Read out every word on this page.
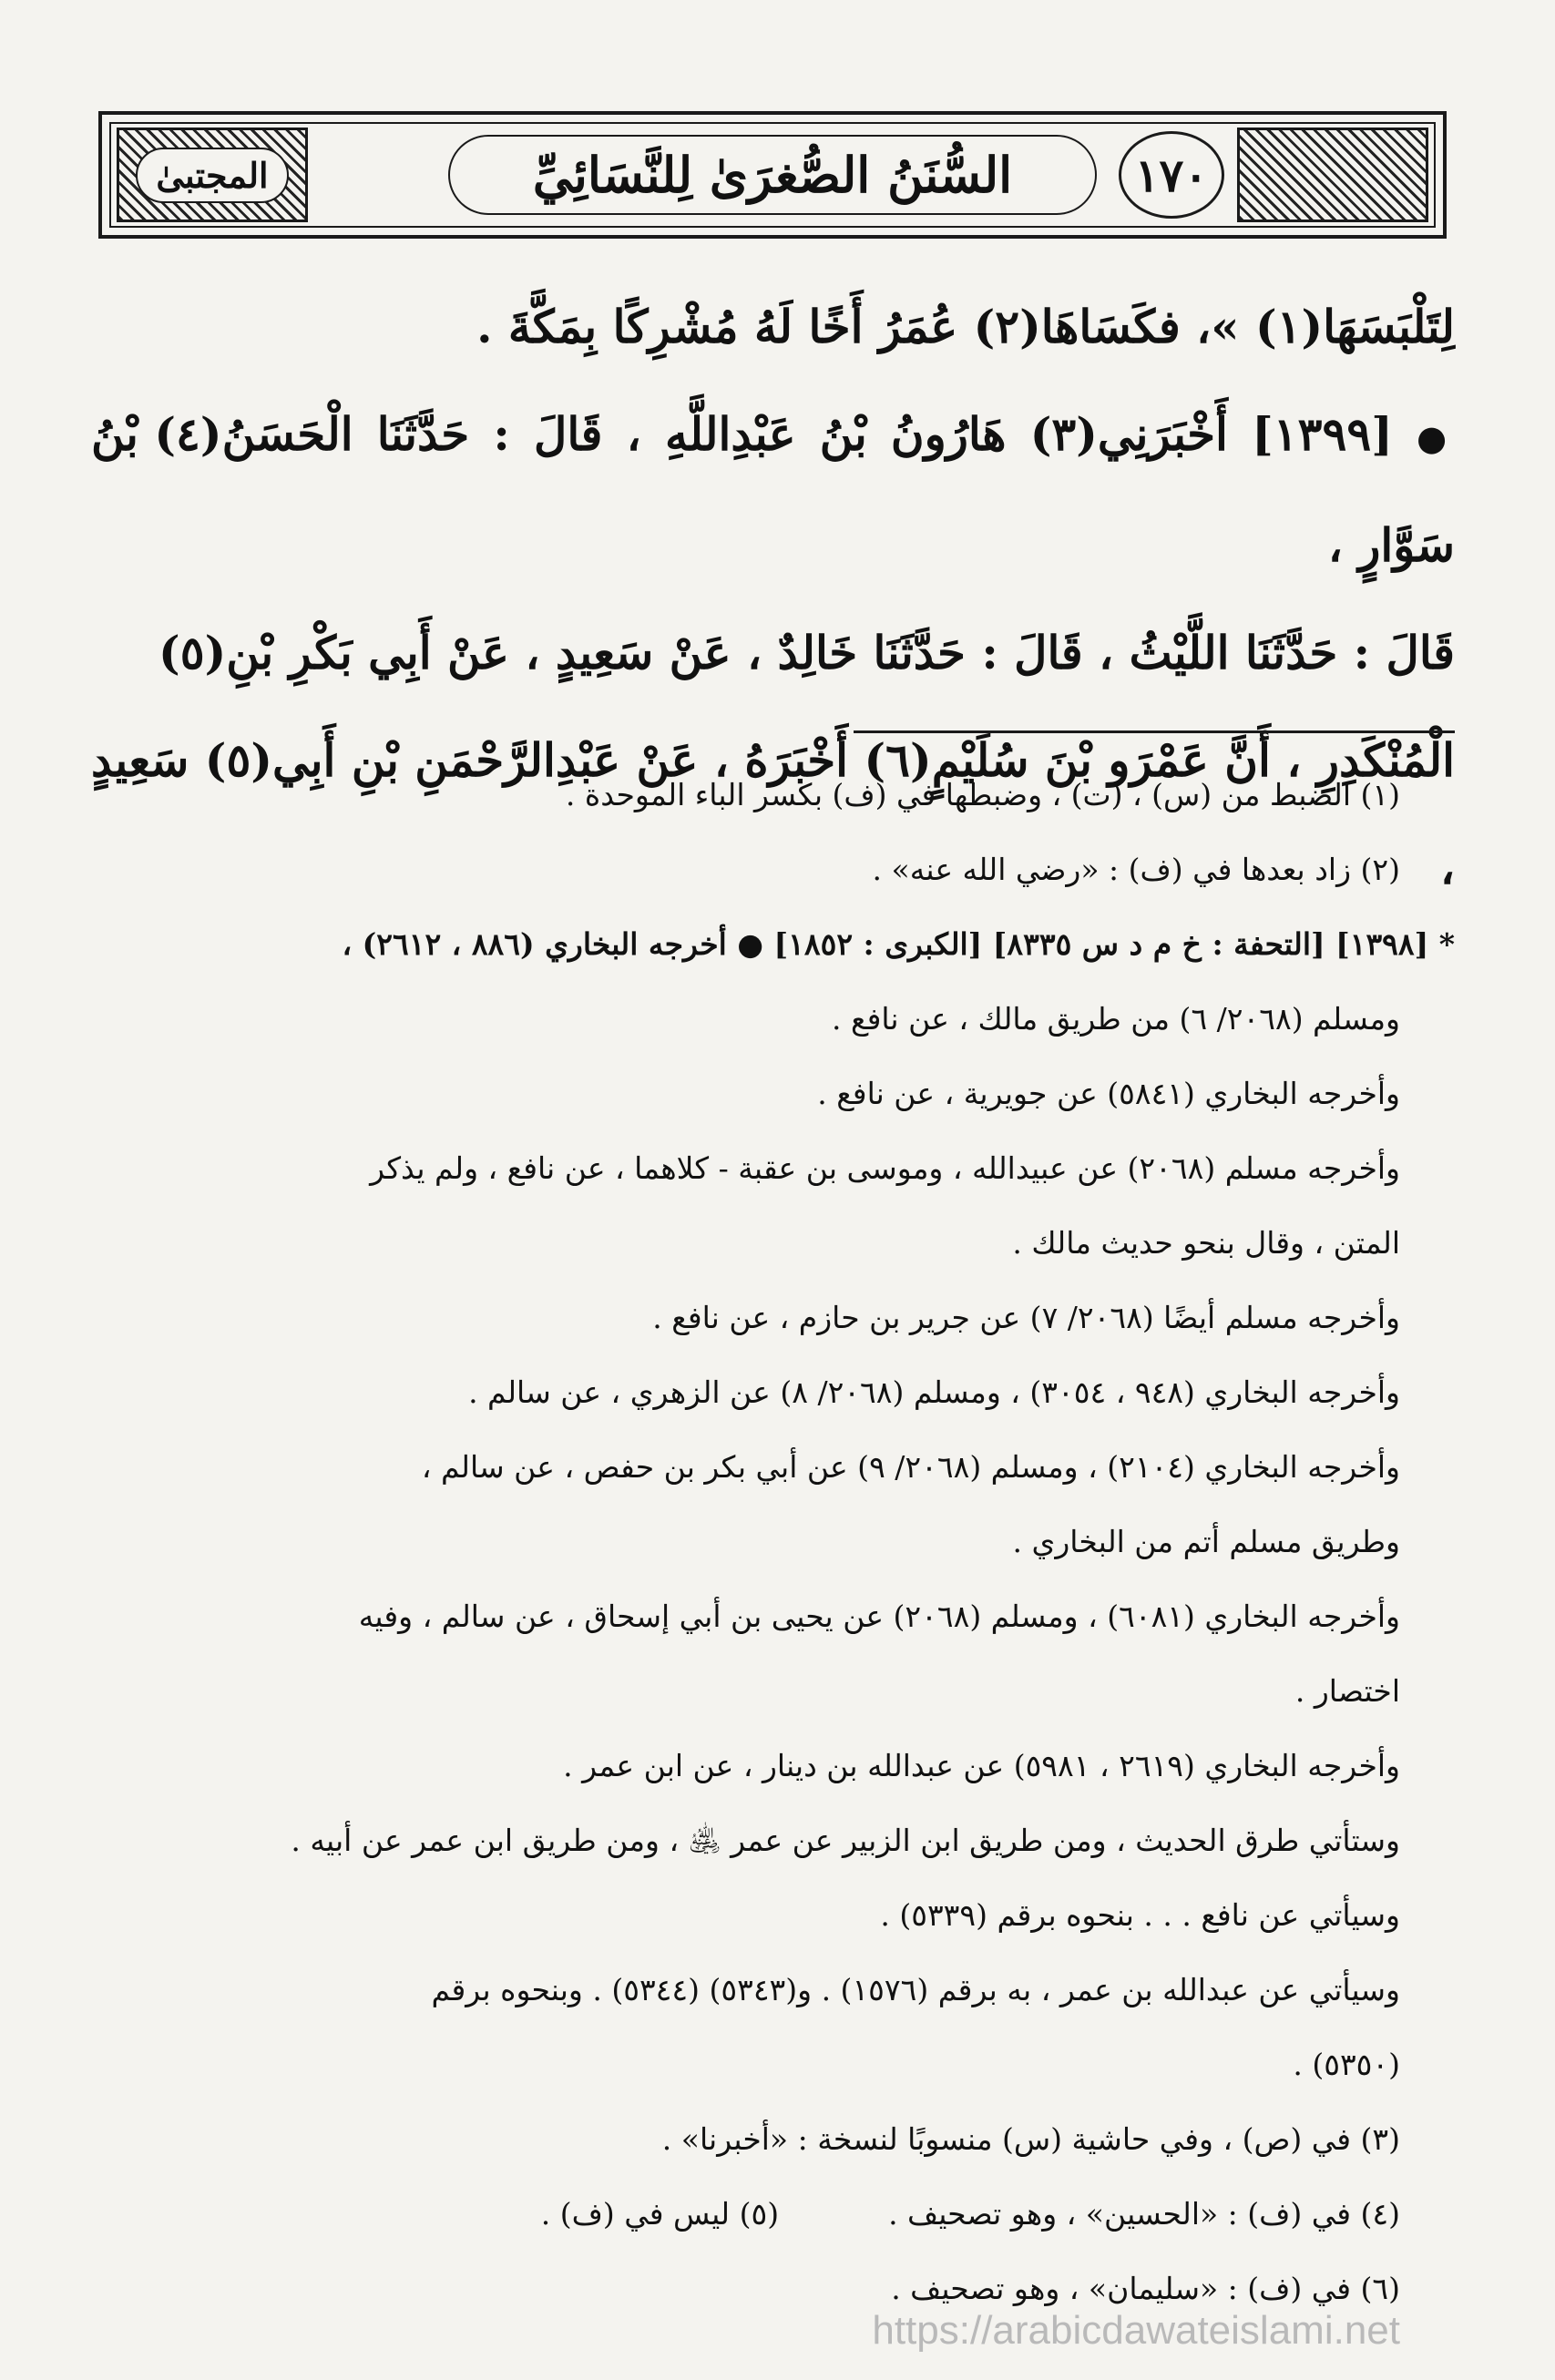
المجتبىٰ	السُّنَنُ الصُّغرَىٰ لِلنَّسَائِيِّ	١٧٠

لِتَلْبَسَهَا(١) »، فكَسَاهَا(٢) عُمَرُ أَخًا لَهُ مُشْرِكًا بِمَكَّةَ .

● [١٣٩٩] أَخْبَرَنِي(٣) هَارُونُ بْنُ عَبْدِاللَّهِ ، قَالَ : حَدَّثَنَا الْحَسَنُ(٤) بْنُ سَوَّارٍ ،

قَالَ : حَدَّثَنَا اللَّيْثُ ، قَالَ : حَدَّثَنَا خَالِدٌ ، عَنْ سَعِيدٍ ، عَنْ أَبِي بَكْرِ بْنِ(٥)

الْمُنْكَدِرِ ، أَنَّ عَمْرَو بْنَ سُلَيْمٍ(٦) أَخْبَرَهُ ، عَنْ عَبْدِالرَّحْمَنِ بْنِ أَبِي(٥) سَعِيدٍ ،

(١) الضبط من (س) ، (ت) ، وضبطها في (ف) بكسر الباء الموحدة .

(٢) زاد بعدها في (ف) : «رضي الله عنه» .

* [١٣٩٨] [التحفة : خ م د س ٨٣٣٥] [الكبرى : ١٨٥٢] ● أخرجه البخاري (٨٨٦ ، ٢٦١٢) ،

ومسلم (٢٠٦٨/ ٦) من طريق مالك ، عن نافع .

وأخرجه البخاري (٥٨٤١) عن جويرية ، عن نافع .

وأخرجه مسلم (٢٠٦٨) عن عبيدالله ، وموسى بن عقبة - كلاهما ، عن نافع ، ولم يذكر

المتن ، وقال بنحو حديث مالك .

وأخرجه مسلم أيضًا (٢٠٦٨/ ٧) عن جرير بن حازم ، عن نافع .

وأخرجه البخاري (٩٤٨ ، ٣٠٥٤) ، ومسلم (٢٠٦٨/ ٨) عن الزهري ، عن سالم .

وأخرجه البخاري (٢١٠٤) ، ومسلم (٢٠٦٨/ ٩) عن أبي بكر بن حفص ، عن سالم ،

وطريق مسلم أتم من البخاري .

وأخرجه البخاري (٦٠٨١) ، ومسلم (٢٠٦٨) عن يحيى بن أبي إسحاق ، عن سالم ، وفيه

اختصار .

وأخرجه البخاري (٢٦١٩ ، ٥٩٨١) عن عبدالله بن دينار ، عن ابن عمر .

وستأتي طرق الحديث ، ومن طريق ابن الزبير عن عمر ﵁ ، ومن طريق ابن عمر عن أبيه .

وسيأتي عن نافع . . . بنحوه برقم (٥٣٣٩) .

وسيأتي عن عبدالله بن عمر ، به برقم (١٥٧٦) . و(٥٣٤٣) (٥٣٤٤) . وبنحوه برقم

(٥٣٥٠) .

(٣) في (ص) ، وفي حاشية (س) منسوبًا لنسخة : «أخبرنا» .

(٤) في (ف) : «الحسين» ، وهو تصحيف .
(٥) ليس في (ف) .

(٦) في (ف) : «سليمان» ، وهو تصحيف .

https://arabicdawateislami.net
